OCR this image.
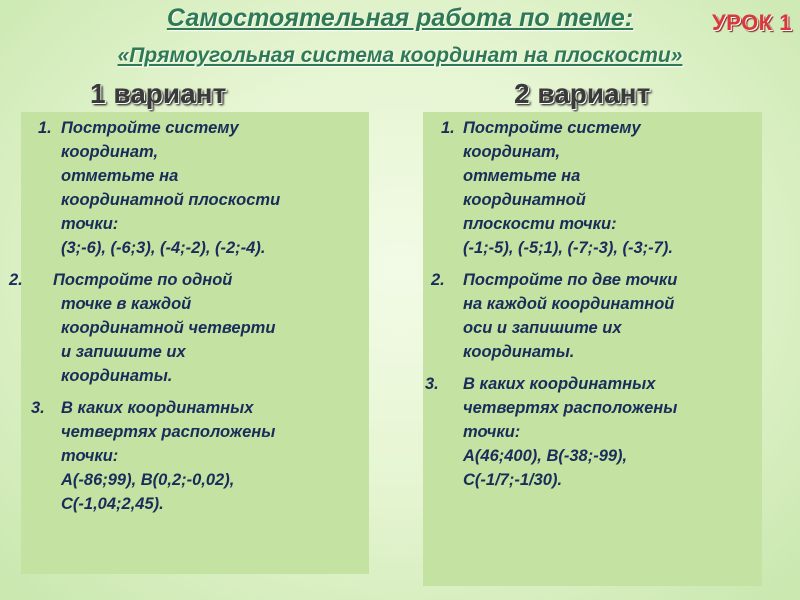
Самостоятельная работа по теме:
«Прямоугольная система координат на плоскости»
УРОК 1
1 вариант	2 вариант
1. Постройте систему
координат,
отметьте на
координатной плоскости
точки:
(3;-6), (-6;3), (-4;-2), (-2;-4).
2.	Постройте по одной
точке в каждой
координатной четверти
и запишите их
координаты.
3. В каких координатных
четвертях расположены
точки:
А(-86;99), В(0,2;-0,02),
С(-1,04;2,45).
1. Постройте систему
координат,
отметьте на
координатной
плоскости точки:
(-1;-5), (-5;1), (-7;-3), (-3;-7).
2.	Постройте по две точки
на каждой координатной
оси и запишите их
координаты.
3.	В каких координатных
четвертях расположены
точки:
А(46;400), В(-38;-99),
С(-1/7;-1/30).
